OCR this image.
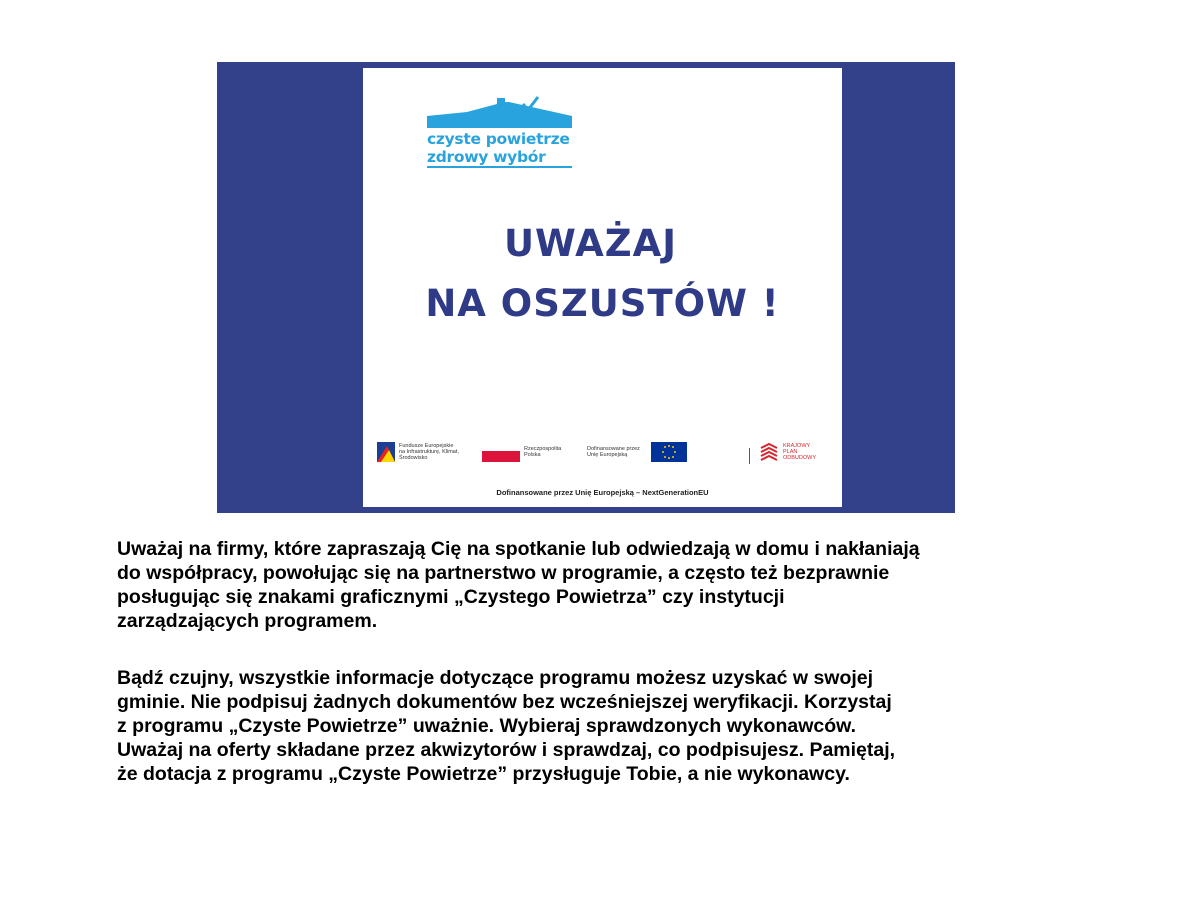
czyste powietrze
zdrowy wybór
UWAŻAJ
NA OSZUSTÓW !
Fundusze Europejskie na Infrastrukturę, Klimat, Środowisko
Rzeczpospolita Polska
Dofinansowane przez Unię Europejską
KRAJOWY PLAN ODBUDOWY
Dofinansowane przez Unię Europejską – NextGenerationEU
Uważaj na firmy, które zapraszają Cię na spotkanie lub odwiedzają w domu i nakłaniają
do współpracy, powołując się na partnerstwo w programie, a często też bezprawnie
posługując się znakami graficznymi „Czystego Powietrza” czy instytucji
zarządzających programem.
Bądź czujny, wszystkie informacje dotyczące programu możesz uzyskać w swojej
gminie. Nie podpisuj żadnych dokumentów bez wcześniejszej weryfikacji. Korzystaj
z programu „Czyste Powietrze” uważnie. Wybieraj sprawdzonych wykonawców.
Uważaj na oferty składane przez akwizytorów i sprawdzaj, co podpisujesz. Pamiętaj,
że dotacja z programu „Czyste Powietrze” przysługuje Tobie, a nie wykonawcy.
